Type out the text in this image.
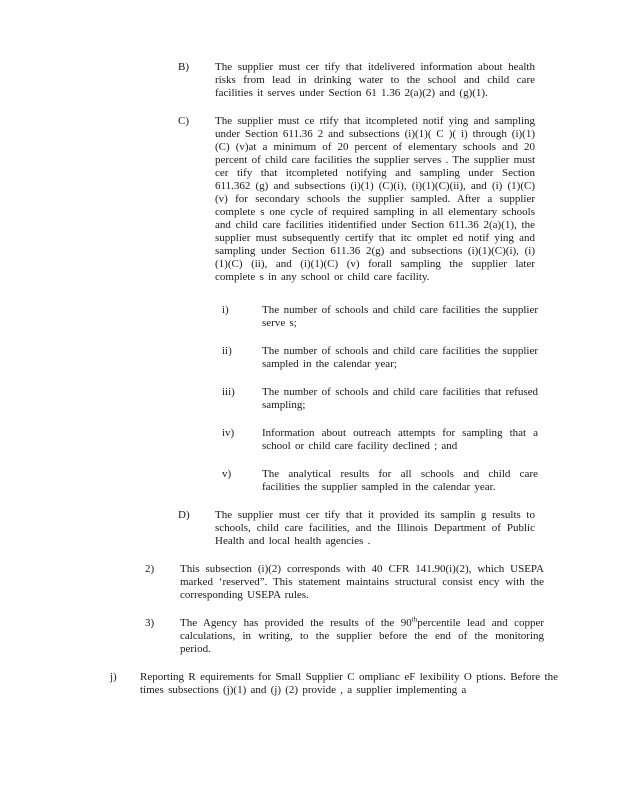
B) The supplier must cer tify that itdelivered information about health risks from lead in drinking water to the school and child care facilities it serves under Section 61 1.36 2(a)(2) and (g)(1).
C) The supplier must ce rtify that itcompleted notif ying and sampling under Section 611.36 2 and subsections (i)(1)( C )( i) through (i)(1)(C) (v)at a minimum of 20 percent of elementary schools and 20 percent of child care facilities the supplier serves . The supplier must cer tify that itcompleted notifying and sampling under Section 611.362 (g) and subsections (i)(1) (C)(i), (i)(1)(C)(ii), and (i) (1)(C)(v) for secondary schools the supplier sampled. After a supplier complete s one cycle of required sampling in all elementary schools and child care facilities itidentified under Section 611.36 2(a)(1), the supplier must subsequently certify that itc omplet ed notif ying and sampling under Section 611.36 2(g) and subsections (i)(1)(C)(i), (i)(1)(C) (ii), and (i)(1)(C) (v) forall sampling the supplier later complete s in any school or child care facility.
i)	The number of schools and child care facilities the supplier serve s;
ii)	The number of schools and child care facilities the supplier sampled in the calendar year;
iii) The number of schools and child care facilities that refused sampling;
iv)	Information about outreach attempts for sampling that a school or child care facility declined ; and
v)	The analytical results for all schools and child care facilities the supplier sampled in the calendar year.
D) The supplier must cer tify that it provided its samplin g results to schools, child care facilities, and the Illinois Department of Public Health and local health agencies .
2) This subsection (i)(2) corresponds with 40 CFR 141.90(i)(2), which USEPA marked ‘reserved”. This statement maintains structural consist ency with the corresponding USEPA rules.
3) The Agency has provided the results of the 90thpercentile lead and copper calculations, in writing, to the supplier before the end of the monitoring period.
j) Reporting R equirements for Small Supplier C omplianc eF lexibility O ptions. Before the times subsections (j)(1) and (j) (2) provide , a supplier implementing a
